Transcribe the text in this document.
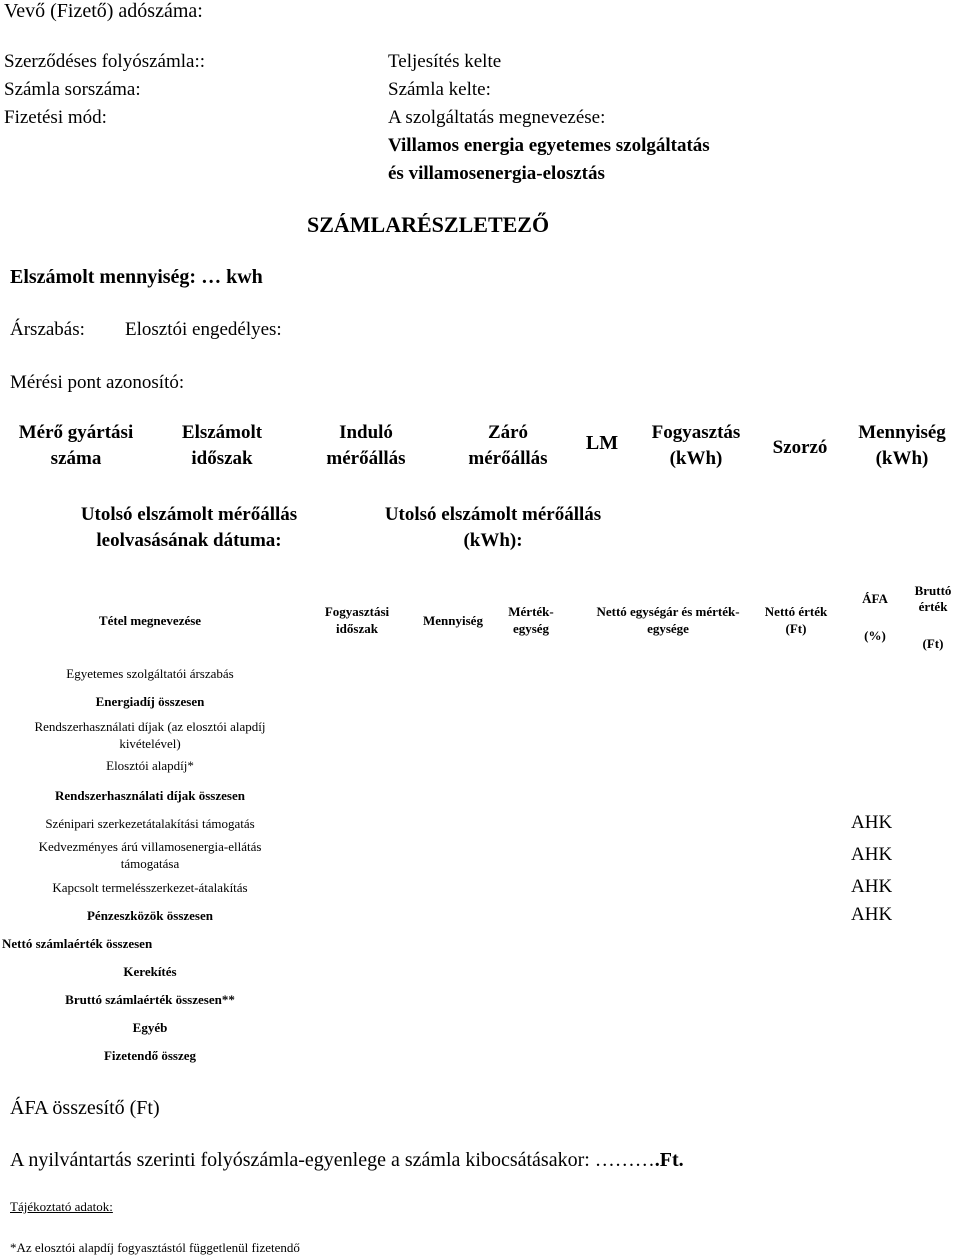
Vevő (Fizető) adószáma:
Szerződéses folyószámla::
Számla sorszáma:
Fizetési mód:
Teljesítés kelte
Számla kelte:
A szolgáltatás megnevezése:
Villamos energia egyetemes szolgáltatás
és villamosenergia-elosztás
SZÁMLARÉSZLETEZŐ
Elszámolt mennyiség: … kwh
Árszabás: Elosztói engedélyes:
Mérési pont azonosító:
Mérő gyártási
száma
Elszámolt
időszak
Induló
mérőállás
Záró
mérőállás
LM	Fogyasztás
(kWh)
Szorzó
Mennyiség
(kWh)
Utolsó elszámolt mérőállás
leolvasásának dátuma:
Utolsó elszámolt mérőállás
(kWh):
Tétel megnevezése
Fogyasztási
időszak
Mennyiség
Mérték-
egység
Nettó egységár és mérték-
egysége
Nettó érték
(Ft)
ÁFA
(%)
Bruttó
érték
(Ft)
Egyetemes szolgáltatói árszabás
Energiadíj összesen
Rendszerhasználati díjak (az elosztói alapdíj
kivételével)
Elosztói alapdíj*
Rendszerhasználati díjak összesen
Szénipari szerkezetátalakítási támogatás
Kedvezményes árú villamosenergia-ellátás
támogatása
Kapcsolt termelésszerkezet-átalakítás
Pénzeszközök összesen
Nettó számlaérték összesen
Kerekítés
Bruttó számlaérték összesen**
Egyéb
Fizetendő összeg
AHK
AHK
AHK
AHK
ÁFA összesítő (Ft)
A nyilvántartás szerinti folyószámla-egyenlege a számla kibocsátásakor: ……….Ft.
Tájékoztató adatok:
*Az elosztói alapdíj fogyasztástól függetlenül fizetendő
